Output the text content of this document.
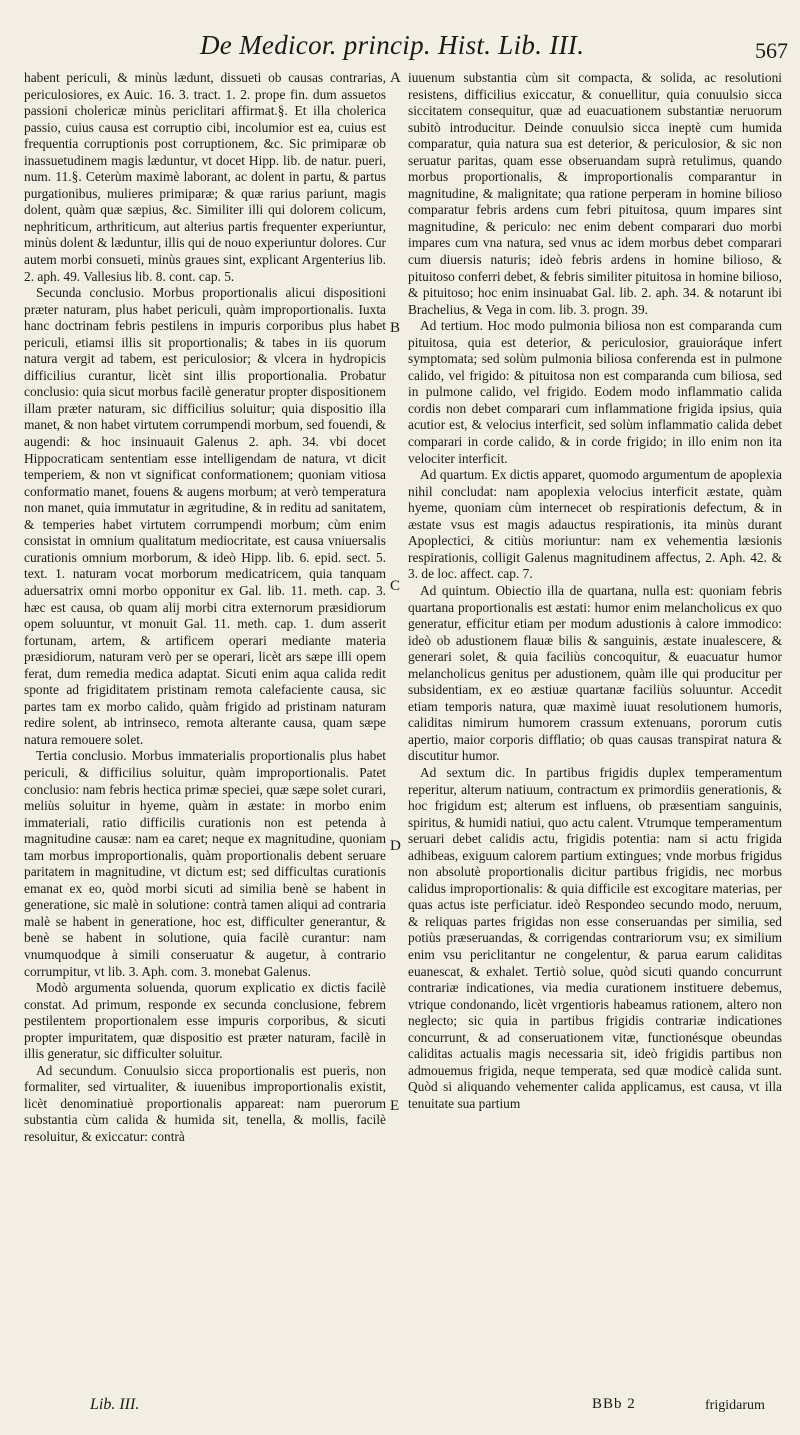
De Medicor. princip. Hist. Lib. III.	567

habent periculi, & minùs lædunt, dissueti ob causas contrarias, periculosiores, ex Auic. 16. 3. tract. 1. 2. prope fin. dum assuetos passioni cholericæ minùs periclitari affirmat.§. Et illa cholerica passio, cuius causa est corruptio cibi, incolumior est ea, cuius est frequentia corruptionis post corruptionem, &c. Sic primiparæ ob inassuetudinem magis læduntur, vt docet Hipp. lib. de natur. pueri, num. 11.§. Ceterùm maximè laborant, ac dolent in partu, & partus purgationibus, mulieres primiparæ; & quæ rarius pariunt, magis dolent, quàm quæ sæpius, &c. Similiter illi qui dolorem colicum, nephriticum, arthriticum, aut alterius partis frequenter experiuntur, minùs dolent & læduntur, illis qui de nouo experiuntur dolores. Cur autem morbi consueti, minùs graues sint, explicant Argenterius lib. 2. aph. 49. Vallesius lib. 8. cont. cap. 5.

Secunda conclusio. Morbus proportionalis alicui dispositioni præter naturam, plus habet periculi, quàm improportionalis. Iuxta hanc doctrinam febris pestilens in impuris corporibus plus habet periculi, etiamsi illis sit proportionalis; & tabes in iis quorum natura vergit ad tabem, est periculosior; & vlcera in hydropicis difficilius curantur, licèt sint illis proportionalia. Probatur conclusio: quia sicut morbus facilè generatur propter dispositionem illam præter naturam, sic difficilius soluitur; quia dispositio illa manet, & non habet virtutem corrumpendi morbum, sed fouendi, & augendi: & hoc insinuauit Galenus 2. aph. 34. vbi docet Hippocraticam sententiam esse intelligendam de natura, vt dicit temperiem, & non vt significat conformationem; quoniam vitiosa conformatio manet, fouens & augens morbum; at verò temperatura non manet, quia immutatur in ægritudine, & in reditu ad sanitatem, & temperies habet virtutem corrumpendi morbum; cùm enim consistat in omnium qualitatum mediocritate, est causa vniuersalis curationis omnium morborum, & ideò Hipp. lib. 6. epid. sect. 5. text. 1. naturam vocat morborum medicatricem, quia tanquam aduersatrix omni morbo opponitur ex Gal. lib. 11. meth. cap. 3. hæc est causa, ob quam alij morbi citra externorum præsidiorum opem soluuntur, vt monuit Gal. 11. meth. cap. 1. dum asserit fortunam, artem, & artificem operari mediante materia præsidiorum, naturam verò per se operari, licèt ars sæpe illi opem ferat, dum remedia medica adaptat. Sicuti enim aqua calida redit sponte ad frigiditatem pristinam remota calefaciente causa, sic partes tam ex morbo calido, quàm frigido ad pristinam naturam redire solent, ab intrinseco, remota alterante causa, quam sæpe natura remouere solet.

Tertia conclusio. Morbus immaterialis proportionalis plus habet periculi, & difficilius soluitur, quàm improportionalis. Patet conclusio: nam febris hectica primæ speciei, quæ sæpe solet curari, meliùs soluitur in hyeme, quàm in æstate: in morbo enim immateriali, ratio difficilis curationis non est petenda à magnitudine causæ: nam ea caret; neque ex magnitudine, quoniam tam morbus improportionalis, quàm proportionalis debent seruare paritatem in magnitudine, vt dictum est; sed difficultas curationis emanat ex eo, quòd morbi sicuti ad similia benè se habent in generatione, sic malè in solutione: contrà tamen aliqui ad contraria malè se habent in generatione, hoc est, difficulter generantur, & benè se habent in solutione, quia facilè curantur: nam vnumquodque à simili conseruatur & augetur, à contrario corrumpitur, vt lib. 3. Aph. com. 3. monebat Galenus.

Modò argumenta soluenda, quorum explicatio ex dictis facilè constat. Ad primum, responde ex secunda conclusione, febrem pestilentem proportionalem esse impuris corporibus, & sicuti propter impuritatem, quæ dispositio est præter naturam, facilè in illis generatur, sic difficulter soluitur.

Ad secundum. Conuulsio sicca proportionalis est pueris, non formaliter, sed virtualiter, & iuuenibus improportionalis existit, licèt denominatiuè proportionalis appareat: nam puerorum substantia cùm calida & humida sit, tenella, & mollis, facilè resoluitur, & exiccatur: contrà

A
B
C
D
E

iuuenum substantia cùm sit compacta, & solida, ac resolutioni resistens, difficilius exiccatur, & conuellitur, quia conuulsio sicca siccitatem consequitur, quæ ad euacuationem substantiæ neruorum subitò introducitur. Deinde conuulsio sicca ineptè cum humida comparatur, quia natura sua est deterior, & periculosior, & sic non seruatur paritas, quam esse obseruandam suprà retulimus, quando morbus proportionalis, & improportionalis comparantur in magnitudine, & malignitate; qua ratione perperam in homine bilioso comparatur febris ardens cum febri pituitosa, quum impares sint magnitudine, & periculo: nec enim debent comparari duo morbi impares cum vna natura, sed vnus ac idem morbus debet comparari cum diuersis naturis; ideò febris ardens in homine bilioso, & pituitoso conferri debet, & febris similiter pituitosa in homine bilioso, & pituitoso; hoc enim insinuabat Gal. lib. 2. aph. 34. & notarunt ibi Brachelius, & Vega in com. lib. 3. progn. 39.

Ad tertium. Hoc modo pulmonia biliosa non est comparanda cum pituitosa, quia est deterior, & periculosior, grauioráque infert symptomata; sed solùm pulmonia biliosa conferenda est in pulmone calido, vel frigido: & pituitosa non est comparanda cum biliosa, sed in pulmone calido, vel frigido. Eodem modo inflammatio calida cordis non debet comparari cum inflammatione frigida ipsius, quia acutior est, & velocius interficit, sed solùm inflammatio calida debet comparari in corde calido, & in corde frigido; in illo enim non ita velociter interficit.

Ad quartum. Ex dictis apparet, quomodo argumentum de apoplexia nihil concludat: nam apoplexia velocius interficit æstate, quàm hyeme, quoniam cùm internecet ob respirationis defectum, & in æstate vsus est magis adauctus respirationis, ita minùs durant Apoplectici, & citiùs moriuntur: nam ex vehementia læsionis respirationis, colligit Galenus magnitudinem affectus, 2. Aph. 42. & 3. de loc. affect. cap. 7.

Ad quintum. Obiectio illa de quartana, nulla est: quoniam febris quartana proportionalis est æstati: humor enim melancholicus ex quo generatur, efficitur etiam per modum adustionis à calore immodico: ideò ob adustionem flauæ bilis & sanguinis, æstate inualescere, & generari solet, & quia faciliùs concoquitur, & euacuatur humor melancholicus genitus per adustionem, quàm ille qui producitur per subsidentiam, ex eo æstiuæ quartanæ faciliùs soluuntur. Accedit etiam temporis natura, quæ maximè iuuat resolutionem humoris, caliditas nimirum humorem crassum extenuans, pororum cutis apertio, maior corporis difflatio; ob quas causas transpirat natura & discutitur humor.

Ad sextum dic. In partibus frigidis duplex temperamentum reperitur, alterum natiuum, contractum ex primordiis generationis, & hoc frigidum est; alterum est influens, ob præsentiam sanguinis, spiritus, & humidi natiui, quo actu calent. Vtrumque temperamentum seruari debet calidis actu, frigidis potentia: nam si actu frigida adhibeas, exiguum calorem partium extingues; vnde morbus frigidus non absolutè proportionalis dicitur partibus frigidis, nec morbus calidus improportionalis: & quia difficile est excogitare materias, per quas actus iste perficiatur. ideò Respondeo secundo modo, neruum, & reliquas partes frigidas non esse conseruandas per similia, sed potiùs præseruandas, & corrigendas contrariorum vsu; ex similium enim vsu periclitantur ne congelentur, & parua earum caliditas euanescat, & exhalet. Tertiò solue, quòd sicuti quando concurrunt contrariæ indicationes, via media curationem instituere debemus, vtrique condonando, licèt vrgentioris habeamus rationem, altero non neglecto; sic quia in partibus frigidis contrariæ indicationes concurrunt, & ad conseruationem vitæ, functionésque obeundas caliditas actualis magis necessaria sit, ideò frigidis partibus non admouemus frigida, neque temperata, sed quæ modicè calida sunt. Quòd si aliquando vehementer calida applicamus, est causa, vt illa tenuitate sua partium

Lib. III.	BBb 2	frigidarum
